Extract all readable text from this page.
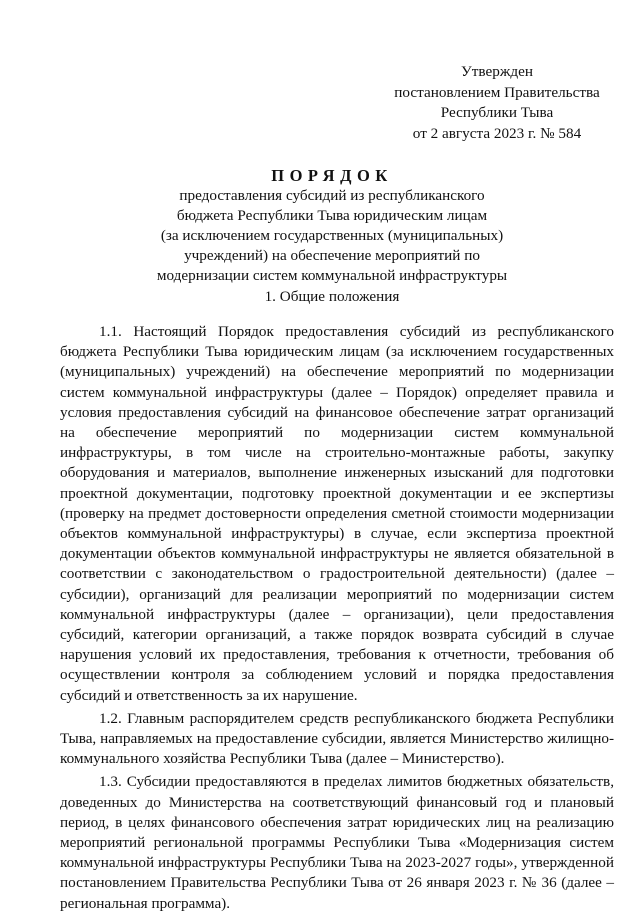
Утвержден
постановлением Правительства
Республики Тыва
от 2 августа 2023 г. № 584
ПОРЯДОК
предоставления субсидий из республиканского
бюджета Республики Тыва юридическим лицам
(за исключением государственных (муниципальных)
учреждений) на обеспечение мероприятий по
модернизации систем коммунальной инфраструктуры
1. Общие положения

1.1. Настоящий Порядок предоставления субсидий из республиканского бюджета Республики Тыва юридическим лицам (за исключением государственных (муниципальных) учреждений) на обеспечение мероприятий по модернизации систем коммунальной инфраструктуры (далее – Порядок) определяет правила и условия предоставления субсидий на финансовое обеспечение затрат организаций на обеспечение мероприятий по модернизации систем коммунальной инфраструктуры, в том числе на строительно-монтажные работы, закупку оборудования и материалов, выполнение инженерных изысканий для подготовки проектной документации, подготовку проектной документации и ее экспертизы (проверку на предмет достоверности определения сметной стоимости модернизации объектов коммунальной инфраструктуры) в случае, если экспертиза проектной документации объектов коммунальной инфраструктуры не является обязательной в соответствии с законодательством о градостроительной деятельности) (далее – субсидии), организаций для реализации мероприятий по модернизации систем коммунальной инфраструктуры (далее – организации), цели предоставления субсидий, категории организаций, а также порядок возврата субсидий в случае нарушения условий их предоставления, требования к отчетности, требования об осуществлении контроля за соблюдением условий и порядка предоставления субсидий и ответственность за их нарушение.

1.2. Главным распорядителем средств республиканского бюджета Республики Тыва, направляемых на предоставление субсидии, является Министерство жилищно-коммунального хозяйства Республики Тыва (далее – Министерство).

1.3. Субсидии предоставляются в пределах лимитов бюджетных обязательств, доведенных до Министерства на соответствующий финансовый год и плановый период, в целях финансового обеспечения затрат юридических лиц на реализацию мероприятий региональной программы Республики Тыва «Модернизация систем коммунальной инфраструктуры Республики Тыва на 2023-2027 годы», утвержденной постановлением Правительства Республики Тыва от 26 января 2023 г. № 36 (далее – региональная программа).
